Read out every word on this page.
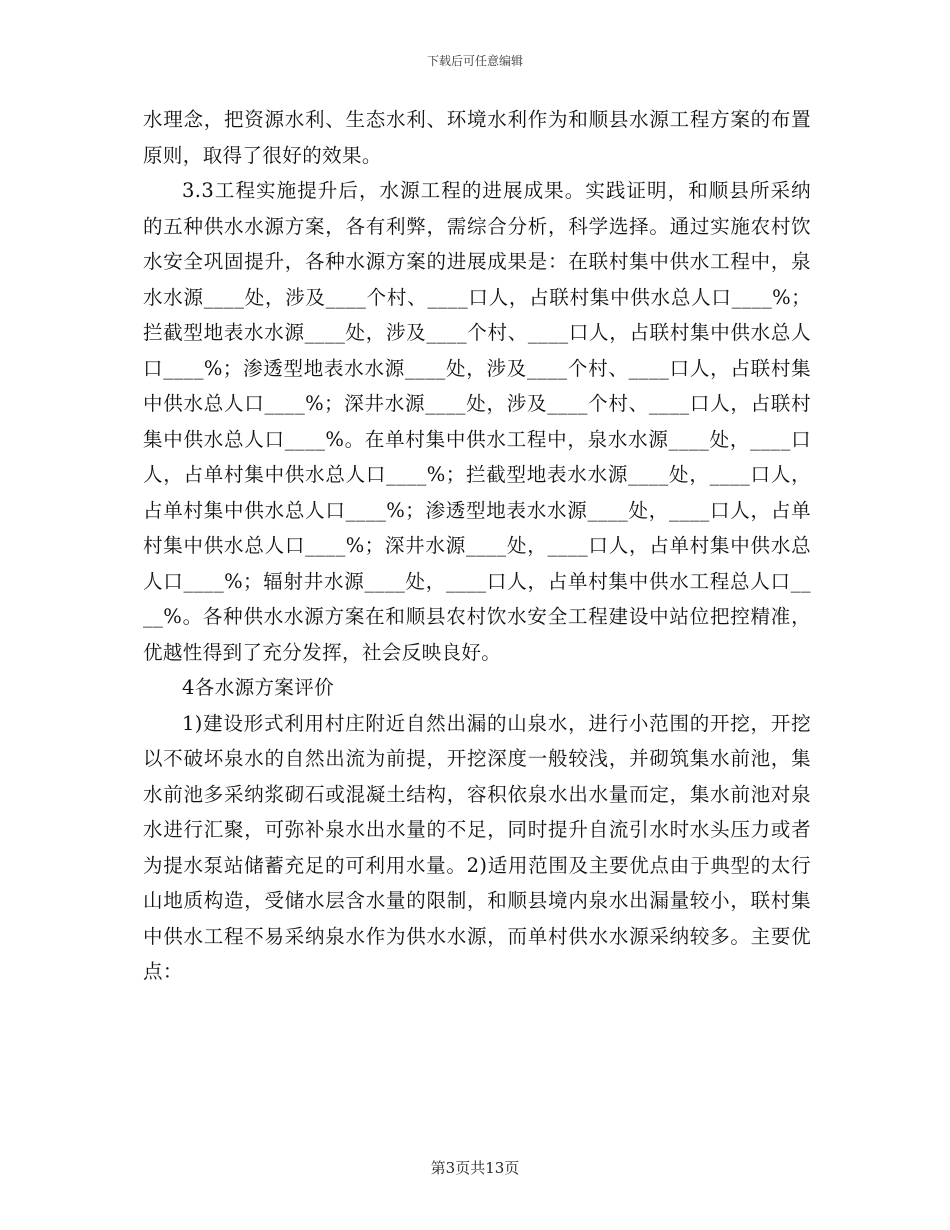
下载后可任意编辑

水理念，把资源水利、生态水利、环境水利作为和顺县水源工程方案的布置原则，取得了很好的效果。

3.3工程实施提升后，水源工程的进展成果。实践证明，和顺县所采纳的五种供水水源方案，各有利弊，需综合分析，科学选择。通过实施农村饮水安全巩固提升，各种水源方案的进展成果是：在联村集中供水工程中，泉水水源____处，涉及____个村、____口人，占联村集中供水总人口____%；拦截型地表水水源____处，涉及____个村、____口人，占联村集中供水总人口____%；渗透型地表水水源____处，涉及____个村、____口人，占联村集中供水总人口____%；深井水源____处，涉及____个村、____口人，占联村集中供水总人口____%。在单村集中供水工程中，泉水水源____处，____口人，占单村集中供水总人口____%；拦截型地表水水源____处，____口人，占单村集中供水总人口____%；渗透型地表水水源____处，____口人，占单村集中供水总人口____%；深井水源____处，____口人，占单村集中供水总人口____%；辐射井水源____处，____口人，占单村集中供水工程总人口____%。各种供水水源方案在和顺县农村饮水安全工程建设中站位把控精准，优越性得到了充分发挥，社会反映良好。

4各水源方案评价

1)建设形式利用村庄附近自然出漏的山泉水，进行小范围的开挖，开挖以不破坏泉水的自然出流为前提，开挖深度一般较浅，并砌筑集水前池，集水前池多采纳浆砌石或混凝土结构，容积依泉水出水量而定，集水前池对泉水进行汇聚，可弥补泉水出水量的不足，同时提升自流引水时水头压力或者为提水泵站储蓄充足的可利用水量。2)适用范围及主要优点由于典型的太行山地质构造，受储水层含水量的限制，和顺县境内泉水出漏量较小，联村集中供水工程不易采纳泉水作为供水水源，而单村供水水源采纳较多。主要优点：

第3页共13页
